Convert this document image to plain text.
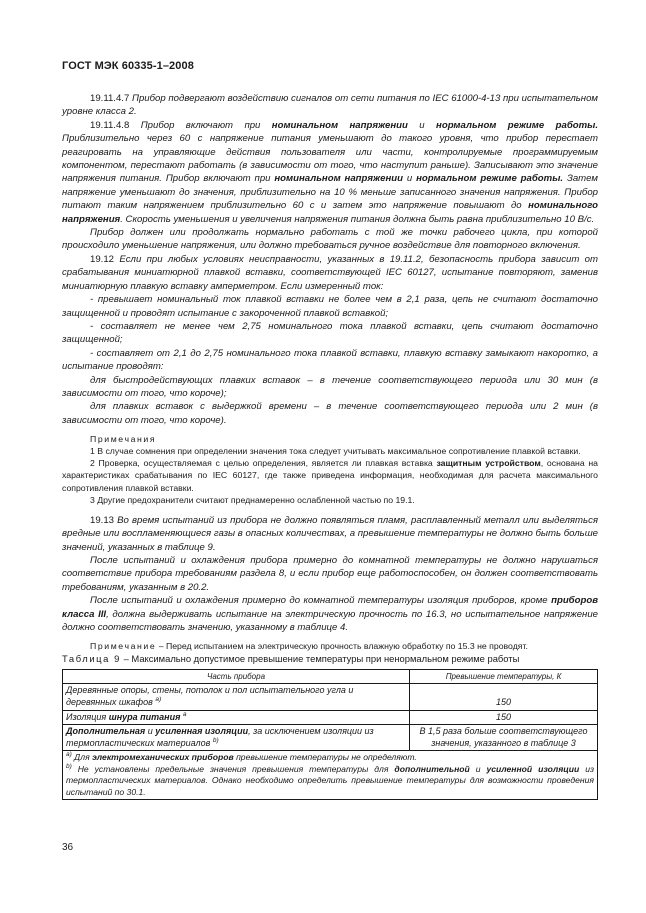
ГОСТ МЭК 60335-1–2008

19.11.4.7 Прибор подвергают воздействию сигналов от сети питания по IEC 61000-4-13 при испытательном уровне класса 2.

19.11.4.8 Прибор включают при номинальном напряжении и нормальном режиме работы. Приблизительно через 60 с напряжение питания уменьшают до такого уровня, что прибор перестает реагировать на управляющие действия пользователя или части, контролируемые программируемым компонентом, перестают работать (в зависимости от того, что наступит раньше). Записывают это значение напряжения питания. Прибор включают при номинальном напряжении и нормальном режиме работы. Затем напряжение уменьшают до значения, приблизительно на 10 % меньше записанного значения напряжения. Прибор питают таким напряжением приблизительно 60 с и затем это напряжение повышают до номинального напряжения. Скорость уменьшения и увеличения напряжения питания должна быть равна приблизительно 10 В/с.

Прибор должен или продолжать нормально работать с той же точки рабочего цикла, при которой происходило уменьшение напряжения, или должно требоваться ручное воздействие для повторного включения.

19.12 Если при любых условиях неисправности, указанных в 19.11.2, безопасность прибора зависит от срабатывания миниатюрной плавкой вставки, соответствующей IEC 60127, испытание повторяют, заменив миниатюрную плавкую вставку амперметром. Если измеренный ток:

- превышает номинальный ток плавкой вставки не более чем в 2,1 раза, цепь не считают достаточно защищенной и проводят испытание с закороченной плавкой вставкой;

- составляет не менее чем 2,75 номинального тока плавкой вставки, цепь считают достаточно защищенной;

- составляет от 2,1 до 2,75 номинального тока плавкой вставки, плавкую вставку замыкают накоротко, а испытание проводят:

для быстродействующих плавких вставок – в течение соответствующего периода или 30 мин (в зависимости от того, что короче);

для плавких вставок с выдержкой времени – в течение соответствующего периода или 2 мин (в зависимости от того, что короче).

Примечания

1 В случае сомнения при определении значения тока следует учитывать максимальное сопротивление плавкой вставки.

2 Проверка, осуществляемая с целью определения, является ли плавкая вставка защитным устройством, основана на характеристиках срабатывания по IEC 60127, где также приведена информация, необходимая для расчета максимального сопротивления плавкой вставки.

3 Другие предохранители считают преднамеренно ослабленной частью по 19.1.

19.13 Во время испытаний из прибора не должно появляться пламя, расплавленный металл или выделяться вредные или воспламеняющиеся газы в опасных количествах, а превышение температуры не должно быть больше значений, указанных в таблице 9.

После испытаний и охлаждения прибора примерно до комнатной температуры не должно нарушаться соответствие прибора требованиям раздела 8, и если прибор еще работоспособен, он должен соответствовать требованиям, указанным в 20.2.

После испытаний и охлаждения примерно до комнатной температуры изоляция приборов, кроме приборов класса III, должна выдерживать испытание на электрическую прочность по 16.3, но испытательное напряжение должно соответствовать значению, указанному в таблице 4.

Примечание – Перед испытанием на электрическую прочность влажную обработку по 15.3 не проводят.

Таблица 9 – Максимально допустимое превышение температуры при ненормальном режиме работы

Часть прибора	Превышение температуры, К
Деревянные опоры, стены, потолок и пол испытательного угла и деревянных шкафов $^{а)}$	150
Изоляция шнура питания $^а$	150
Дополнительная и усиленная изоляции, за исключением изоляции из термопластических материалов $^{b)}$	В 1,5 раза больше соответствующего значения, указанного в таблице 3

$^{а)}$ Для электромеханических приборов превышение температуры не определяют.
$^{b)}$ Не установлены предельные значения превышения температуры для дополнительной и усиленной изоляции из термопластических материалов. Однако необходимо определить превышение температуры для возможности проведения испытаний по 30.1.	
36
